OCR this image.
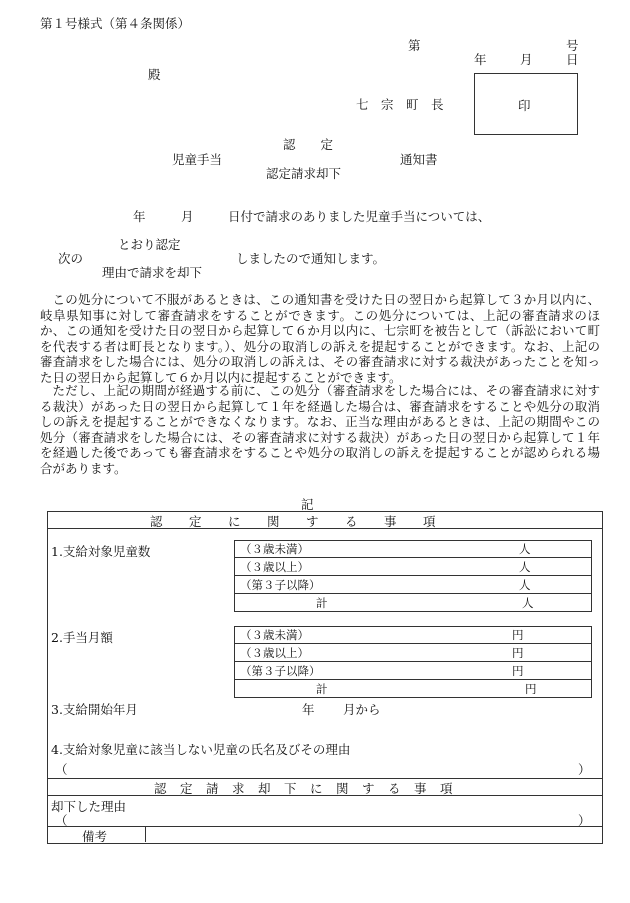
第１号様式（第４条関係）
第	号
年	月	日
殿
七　宗　町　長	印
認　　定
児童手当
認定請求却下
通知書
年	月	日付で請求のありました児童手当については、
とおり認定
次の	しましたので通知します。
理由で請求を却下
この処分について不服があるときは、この通知書を受けた日の翌日から起算して３か月以内に、岐阜県知事に対して審査請求をすることができます。この処分については、上記の審査請求のほか、この通知を受けた日の翌日から起算して６か月以内に、七宗町を被告として（訴訟において町を代表する者は町長となります。）、処分の取消しの訴えを提起することができます。なお、上記の審査請求をした場合には、処分の取消しの訴えは、その審査請求に対する裁決があったことを知った日の翌日から起算して６か月以内に提起することができます。
ただし、上記の期間が経過する前に、この処分（審査請求をした場合には、その審査請求に対する裁決）があった日の翌日から起算して１年を経過した場合は、審査請求をすることや処分の取消しの訴えを提起することができなくなります。なお、正当な理由があるときは、上記の期間やこの処分（審査請求をした場合には、その審査請求に対する裁決）があった日の翌日から起算して１年を経過した後であっても審査請求をすることや処分の取消しの訴えを提起することが認められる場合があります。
記
認　　定　　に　　関　　す　　る　　事　　項
1.支給対象児童数	（３歳未満）	人
（３歳以上）	人
（第３子以降）	人
計	人
2.手当月額	（３歳未満）	円
（３歳以上）	円
（第３子以降）	円
計	円
3.支給開始年月	年 月から
4.支給対象児童に該当しない児童の氏名及びその理由
（	）
認　定　請　求　却　下　に　関　す　る　事　項
却下した理由
（	）
備考
